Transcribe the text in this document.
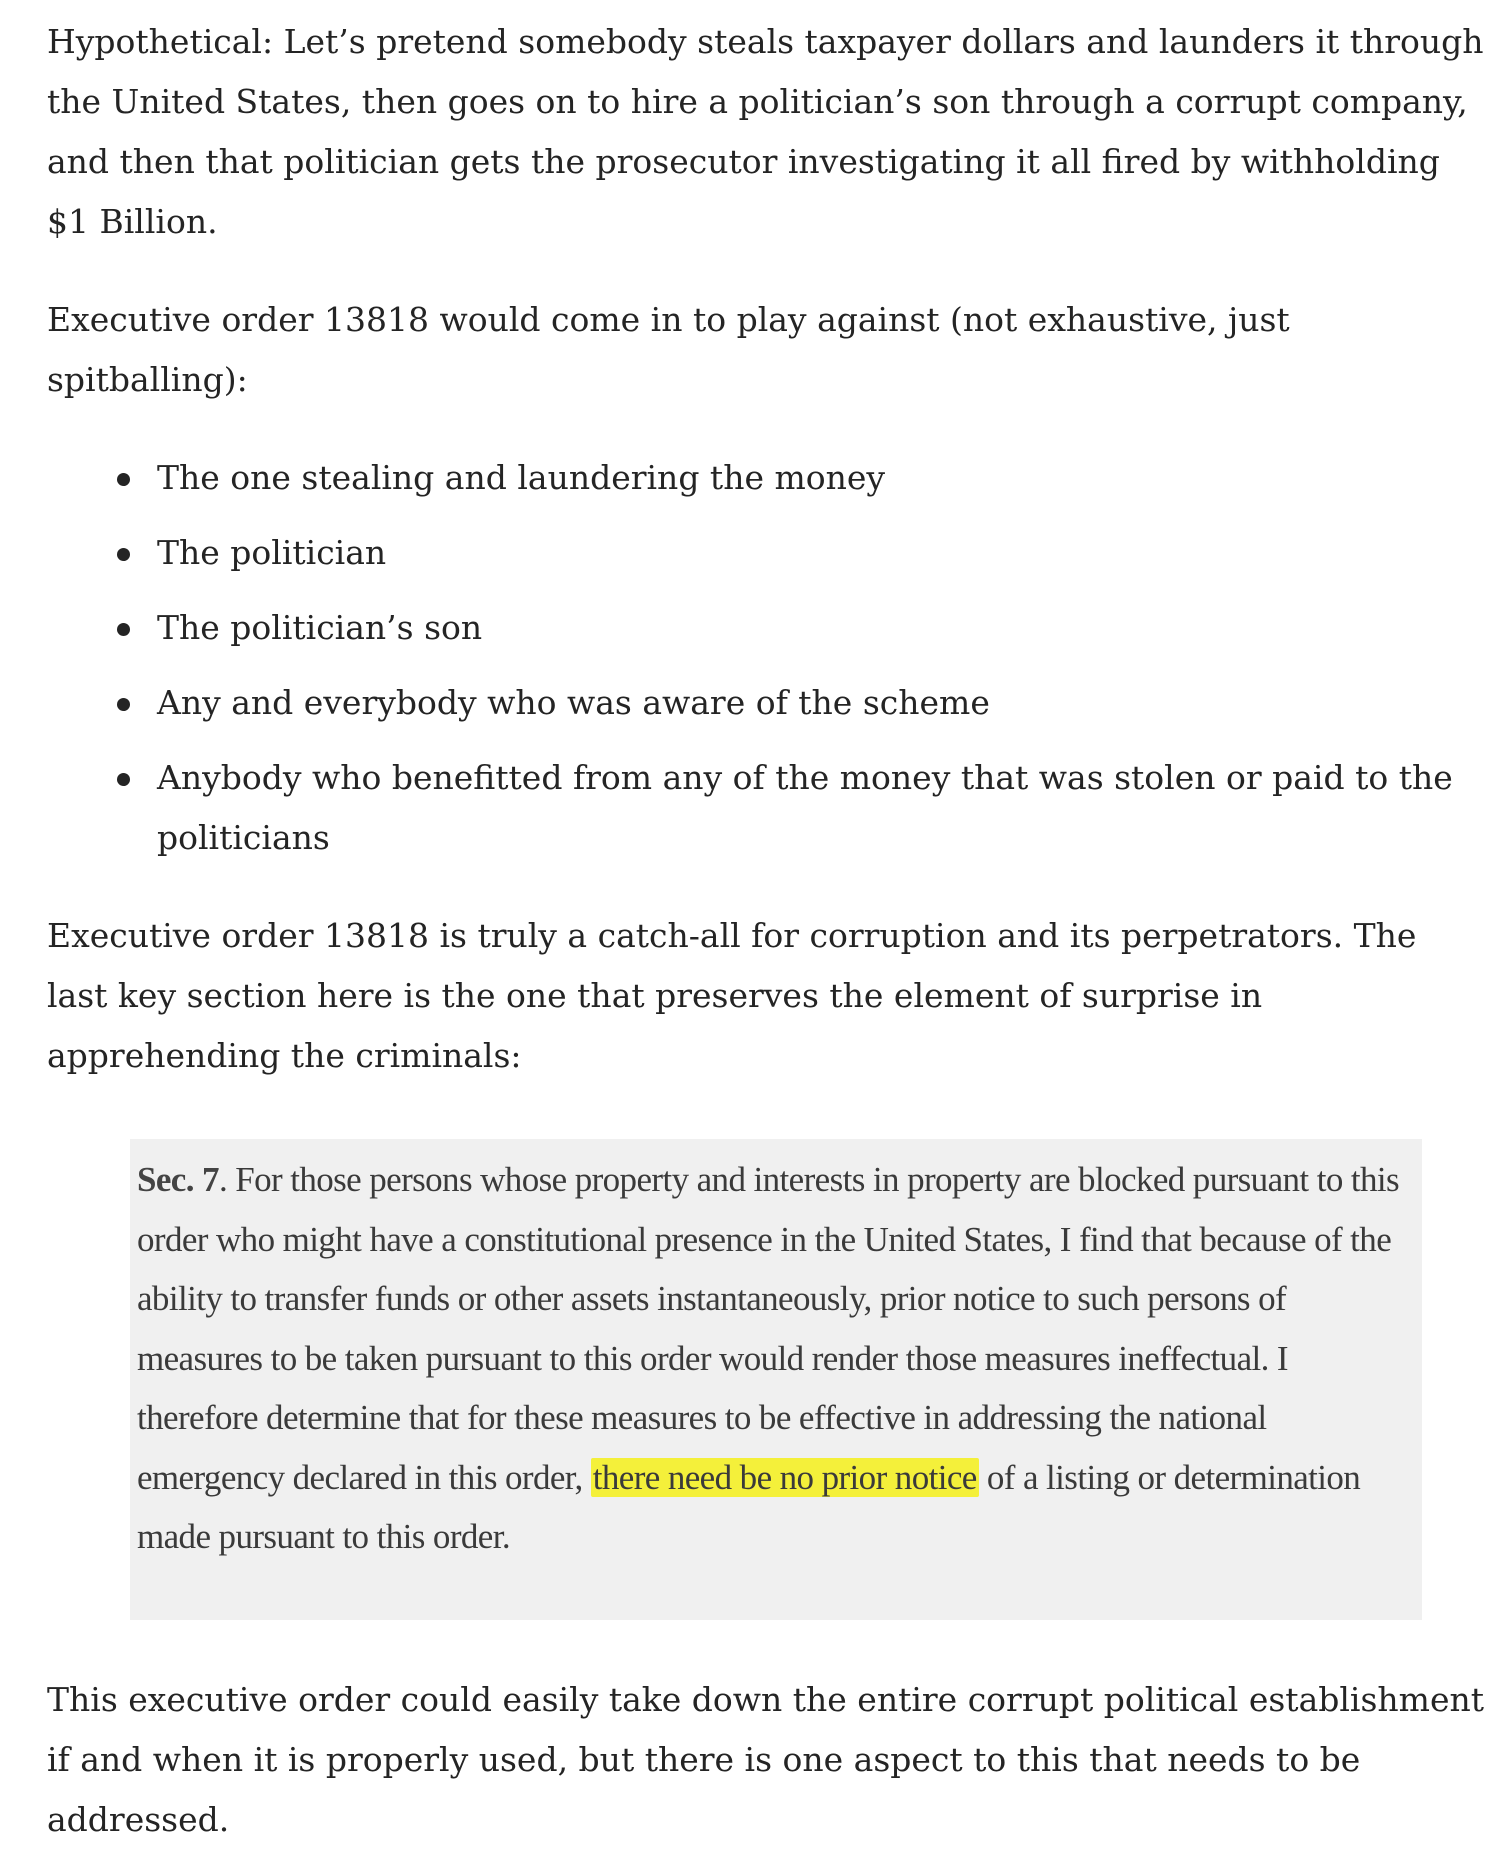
Hypothetical: Let’s pretend somebody steals taxpayer dollars and launders it through the United States, then goes on to hire a politician’s son through a corrupt company, and then that politician gets the prosecutor investigating it all fired by withholding $1 Billion.

Executive order 13818 would come in to play against (not exhaustive, just spitballing):

The one stealing and laundering the money
The politician
The politician’s son
Any and everybody who was aware of the scheme
Anybody who benefitted from any of the money that was stolen or paid to the politicians

Executive order 13818 is truly a catch-all for corruption and its perpetrators. The last key section here is the one that preserves the element of surprise in apprehending the criminals:

Sec. 7. For those persons whose property and interests in property are blocked pursuant to this order who might have a constitutional presence in the United States, I find that because of the ability to transfer funds or other assets instantaneously, prior notice to such persons of measures to be taken pursuant to this order would render those measures ineffectual. I therefore determine that for these measures to be effective in addressing the national emergency declared in this order, there need be no prior notice of a listing or determination made pursuant to this order.

This executive order could easily take down the entire corrupt political establishment if and when it is properly used, but there is one aspect to this that needs to be addressed.
